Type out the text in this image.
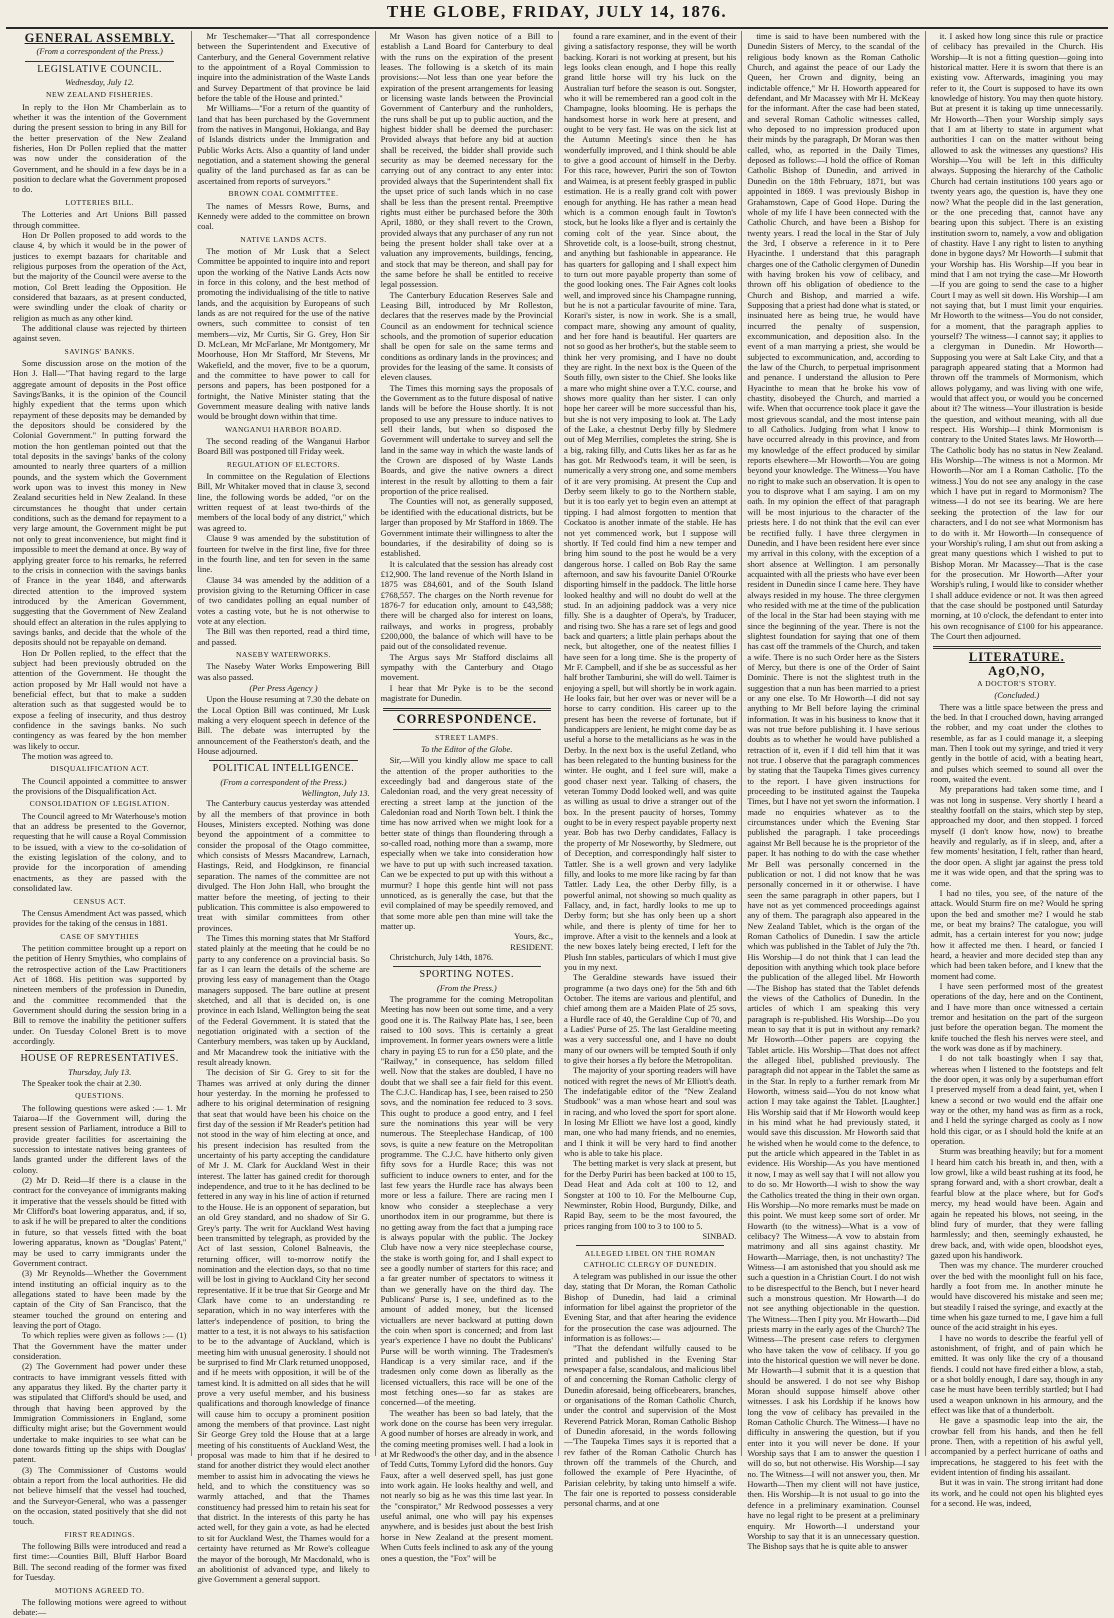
THE GLOBE, FRIDAY, JULY 14, 1876.
GENERAL ASSEMBLY.
(From a correspondent of the Press.)
LEGISLATIVE COUNCIL.
Wednesday, July 12.
NEW ZEALAND FISHERIES.

In reply to the Hon Mr Chamberlain as to whether it was the intention of the Government during the present session to bring in any Bill for the better preservation of the New Zealand fisheries, Hon Dr Pollen replied that the matter was now under the consideration of the Government, and he should in a few days be in a position to declare what the Government proposed to do.

LOTTERIES BILL.

The Lotteries and Art Unions Bill passed through committee.

Hon Dr Pollen proposed to add words to the clause 4, by which it would be in the power of justices to exempt bazaars for charitable and religious purposes from the operation of the Act, but the majority of the Council were averse to the motion, Col Brett leading the Opposition. He considered that bazaars, as at present conducted, were swindling under the cloak of charity or religion as much as any other kind.

The additional clause was rejected by thirteen against seven.

SAVINGS' BANKS.

Some discussion arose on the motion of the Hon J. Hall—"That having regard to the large aggregate amount of deposits in the Post office Savings'Banks, it is the opinion of the Council highly expedient that the terms upon which repayment of these deposits may be demanded by the depositors should be considered by the Colonial Government." In putting forward the motion the hon gentleman pointed out that the total deposits in the savings' banks of the colony amounted to nearly three quarters of a million pounds, and the system which the Government work upon was to invest this money in New Zealand securities held in New Zealand. In these circumstances he thought that under certain conditions, such as the demand for repayment to a very large amount, the Government might be put not only to great inconvenience, but might find it impossible to meet the demand at once. By way of applying greater force to his remarks, he referred to the crisis in connection with the savings banks of France in the year 1848, and afterwards directed attention to the improved system introduced by the American Government, suggesting that the Government of New Zealand should effect an alteration in the rules applying to savings banks, and decide that the whole of the deposits should not be repayable on demand.

Hon Dr Pollen replied, to the effect that the subject had been previously obtruded on the attention of the Government. He thought the action proposed by Mr Hall would not have a beneficial effect, but that to make a sudden alteration such as that suggested would be to expose a feeling of insecurity, and thus destroy confidence in the savings banks. No such contingency as was feared by the hon member was likely to occur.

The motion was agreed to.

DISQUALIFICATION ACT.

The Council appointed a committee to answer the provisions of the Disqualification Act.

CONSOLIDATION OF LEGISLATION.

The Council agreed to Mr Waterhouse's motion that an address be presented to the Governor, requesting that he will cause a Royal Commission to be issued, with a view to the co-solidation of the existing legislation of the colony, and to provide for the incorporation of amending enactments, as they are passed with the consolidated law.

CENSUS ACT.

The Census Amendment Act was passed, which provides for the taking of the census in 1881.

CASE OF SMYTHIES

The petition committee brought up a report on the petition of Henry Smythies, who complains of the retrospective action of the Law Practitioners Act of 1868. His petition was supported by nineteen members of the profession in Dunedin, and the committee recommended that the Government should during the session bring in a Bill to remove the inability the petitioner suffers under. On Tuesday Colonel Brett is to move accordingly.

HOUSE OF REPRESENTATIVES.
Thursday, July 13.

The Speaker took the chair at 2.30.

QUESTIONS.

The following questions were asked :— 1. Mr Taiaroa—If the Government will, during the present session of Parliament, introduce a Bill to provide greater facilities for ascertaining the succession to intestate natives being grantees of lands granted under the different laws of the colony.

(2) Mr D. Reid—If there is a clause in the contract for the conveyance of immigrants making it imperative that the vessels should be fitted with Mr Clifford's boat lowering apparatus, and, if so, to ask if he will be prepared to alter the conditions in future, so that vessels fitted with the boat lowering apparatus, known as "Douglas' Patent," may be used to carry immigrants under the Government contract.

(3) Mr Reynolds—Whether the Government intend instituting an official inquiry as to the allegations stated to have been made by the captain of the City of San Francisco, that the steamer touched the ground on entering and leaving the port of Otago.

To which replies were given as follows :— (1) That the Government have the matter under consideration.

(2) The Government had power under these contracts to have immigrant vessels fitted with any apparatus they liked. By the charter party it was stipulated that Clifford's should be used, and through that having been approved by the Immigration Commissioners in England, some difficulty might arise; but the Government would undertake to make inquiries to see what can be done towards fitting up the ships with Douglas' patent.

(3) The Commissioner of Customs would obtain a report from the local authorities. He did not believe himself that the vessel had touched, and the Surveyor-General, who was a passenger on the occasion, stated positively that she did not touch.

FIRST READINGS.

The following Bills were introduced and read a first time:—Counties Bill, Bluff Harbor Board Bill. The second reading of the former was fixed for Tuesday.

MOTIONS AGREED TO.

The following motions were agreed to without debate:—

Mr Teschemaker—"That all correspondence between the Superintendent and Executive of Canterbury, and the General Government relative to the appointment of a Royal Commission to inquire into the administration of the Waste Lands and Survey Department of that province be laid before the table of the House and printed."

Mr Williams—"For a return of the quantity of land that has been purchased by the Government from the natives in Mangonui, Hokianga, and Bay of Islands districts under the Immigration and Public Works Acts. Also a quantity of land under negotiation, and a statement showing the general quality of the land purchased as far as can be ascertained from reports of surveyors."

BROWN COAL COMMITTEE.

The names of Messrs Rowe, Burns, and Kennedy were added to the committee on brown coal.

NATIVE LANDS ACTS.

The motion of Mr Lusk that a Select Committee be appointed to inquire into and report upon the working of the Native Lands Acts now in force in this colony, and the best method of promoting the individualising of the title to native lands, and the acquisition by Europeans of such lands as are not required for the use of the native owners, such committee to consist of ten members—viz, Mr Curtis, Sir G. Grey, Hon Sir D. McLean, Mr McFarlane, Mr Montgomery, Mr Moorhouse, Hon Mr Stafford, Mr Stevens, Mr Wakefield, and the mover, five to be a quorum, and the committee to have power to call for persons and papers, has been postponed for a fortnight, the Native Minister stating that the Government measure dealing with native lands would be brought down within that time.

WANGANUI HARBOR BOARD.

The second reading of the Wanganui Harbor Board Bill was postponed till Friday week.

REGULATION OF ELECTORS.

In committee on the Regulation of Elections Bill, Mr Whitaker moved that in clause 3, second line, the following words be added, "or on the written request of at least two-thirds of the members of the local body of any district," which was agreed to.

Clause 9 was amended by the substitution of fourteen for twelve in the first line, five for three in the fourth line, and ten for seven in the same line.

Clause 34 was amended by the addition of a provision giving to the Returning Officer in case of two candidates polling an equal number of votes a casting vote, but he is not otherwise to vote at any election.

The Bill was then reported, read a third time, and passed.

NASEBY WATERWORKS.

The Naseby Water Works Empowering Bill was also passed.

(Per Press Agency )

Upon the House resuming at 7.30 the debate on the Local Option Bill was continued, Mr Lusk making a very eloquent speech in defence of the Bill. The debate was interrupted by the announcement of the Featherston's death, and the House adjourned.

POLITICAL INTELLIGENCE.
(From a correspondent of the Press.)
Wellington, July 13.

The Canterbury caucus yesterday was attended by all the members of that province in both Houses, Ministers excepted. Nothing was done beyond the appointment of a committee to consider the proposal of the Otago committee, which consists of Messrs Macandrew, Larnach, Hastings, Reid, and Hodgkinson, re financial separation. The names of the committee are not divulged. The Hon John Hall, who brought the matter before the meeting, of jecting to their publication. This committee is also empowered to treat with similar committees from other provinces.

The Times this morning states that Mr Stafford stated plainly at the meeting that he could be no party to any conference on a provincial basis. So far as I can learn the details of the scheme are proving less easy of management than the Otago managers supposed. The bare outline at present sketched, and all that is decided on, is one province in each Island, Wellington being the seat of the Federal Government. It is stated that the negotiation originated with a section of the Canterbury members, was taken up by Auckland, and Mr Macandrew took the initiative with the result already known.

The decision of Sir G. Grey to sit for the Thames was arrived at only during the dinner hour yesterday. In the morning he professed to adhere to his original determination of resigning that seat that would have been his choice on the first day of the session if Mr Reader's petition had not stood in the way of him electing at once, and his present indecision has resulted from the uncertainty of his party accepting the candidature of Mr J. M. Clark for Auckland West in their interest. The latter has gained credit for thorough independence, and true to it he has declined to be fettered in any way in his line of action if returned to the House. He is an opponent of separation, but an old Grey standard, and no shadow of Sir G. Grey's party. The writ for Auckland West having been transmitted by telegraph, as provided by the Act of last session, Colonel Balneavis, the returning officer, will to-morrow notify the nomination and the election days, so that no time will be lost in giving to Auckland City her second representative. If it be true that Sir George and Mr Clark have come to an understanding re separation, which in no way interferes with the latter's independence of position, to bring the matter to a test, it is not always to his satisfaction to be to the advantage of Auckland, which is meeting him with unusual generosity. I should not be surprised to find Mr Clark returned unopposed, and if he meets with opposition, it will be of the tamest kind. It is admitted on all sides that he will prove a very useful member, and his business qualifications and thorough knowledge of finance will cause him to occupy a prominent position among the members of that province. Last night Sir George Grey told the House that at a large meeting of his constituents of Auckland West, the proposal was made to him that if he desired to stand for another district they would elect another member to assist him in advocating the views he held, and to which the constituency was so warmly attached, and that the Thames constituency had pressed him to retain his seat for that district. In the interests of this party he has acted well, for they gain a vote, as had he elected to sit for Auckland West, the Thames would for a certainty have returned as Mr Rowe's colleague the mayor of the borough, Mr Macdonald, who is an abolitionist of advanced type, and likely to give Government a general support.

Mr Wason has given notice of a Bill to establish a Land Board for Canterbury to deal with the runs on the expiration of the present leases. The following is a sketch of its main provisions:—Not less than one year before the expiration of the present arrangements for leasing or licensing waste lands between the Provincial Government of Canterbury and the runholders, the runs shall be put up to public auction, and the highest bidder shall be deemed the purchaser: Provided always that before any bid at auction shall be received, the bidder shall provide such security as may be deemed necessary for the carrying out of any contract to any enter into: provided always that the Superintendent shall fix the upset price of such lands which in no case shall be less than the present rental. Preemptive rights must either be purchased before the 30th April, 1880, or they shall revert to the Crown, provided always that any purchaser of any run not being the present holder shall take over at a valuation any improvements, buildings, fencing, and stock that may be thereon, and shall pay for the same before he shall be entitled to receive legal possession.

The Canterbury Education Reserves Sale and Leasing Bill, introduced by Mr Rolleston, declares that the reserves made by the Provincial Council as an endowment for technical science schools, and the promotion of superior education shall be open for sale on the same terms and conditions as ordinary lands in the provinces; and provides for the leasing of the same. It consists of eleven clauses.

The Times this morning says the proposals of the Government as to the future disposal of native lands will be before the House shortly. It is not proposed to use any pressure to induce natives to sell their lands, but when so disposed the Government will undertake to survey and sell the land in the same way in which the waste lands of the Crown are disposed of by Waste Lands Boards, and give the native owners a direct interest in the result by allotting to them a fair proportion of the price realised.

The Counties will not, as generally supposed, be identified with the educational districts, but be larger than proposed by Mr Stafford in 1869. The Government intimate their willingness to alter the boundaries, if the desirability of doing so is established.

It is calculated that the session has already cost £12,900. The land revenue of the North Island in 1875 was £84,601, and of the South Island £768,557. The charges on the North revenue for 1876-7 for education only, amount to £43,588; there will be charged also for interest on loans, railways, and works in progress, probably £200,000, the balance of which will have to be paid out of the consolidated revenue.

The Argus says Mr Stafford disclaims all sympathy with the Canterbury and Otago movement.

I hear that Mr Pyke is to be the second magistrate for Dunedin.

CORRESPONDENCE.
STREET LAMPS.
To the Editor of the Globe.

Sir,—Will you kindly allow me space to call the attention of the proper authorities to the exceedingly bad and dangerous state of the Caledonian road, and the very great necessity of erecting a street lamp at the junction of the Caledonian road and North Town belt. I think the time has now arrived when we might look for a better state of things than floundering through a so-called road, nothing more than a swamp, more especially when we take into consideration how we have to put up with such increased taxation. Can we be expected to put up with this without a murmur? I hope this gentle hint will not pass unnoticed, as is generally the case, but that the evil complained of may be speedily removed, and that some more able pen than mine will take the matter up.

Yours, &c.,
RESIDENT.

Christchurch, July 14th, 1876.

SPORTING NOTES.
(From the Press.)

The programme for the coming Metropolitan Meeting has now been out some time, and a very good one it is. The Railway Plate has, I see, been raised to 100 sovs. This is certainly a great improvement. In former years owners were a little chary in paying £5 to run for a £50 plate, and the "Railway," in consequence, has seldom filled well. Now that the stakes are doubled, I have no doubt that we shall see a fair field for this event. The C.J.C. Handicap has, I see, been raised to 250 sovs, and the nomination fee reduced to 3 sovs. This ought to produce a good entry, and I feel sure the nominations this year will be very numerous. The Steeplechase Handicap, of 100 sovs, is quite a new feature on the Metropolitan programme. The C.J.C. have hitherto only given fifty sovs for a Hurdle Race; this was not sufficient to induce owners to enter, and for the last few years the Hurdle race has always been more or less a failure. There are racing men I know who consider a steeplechase a very unorthodox item in our programme, but there is no getting away from the fact that a jumping race is always popular with the public. The Jockey Club have now a very nice steeplechase course, the stake is worth going for, and I shall expect to see a goodly number of starters for this race; and a far greater number of spectators to witness it than we generally have on the third day. The Publicans' Purse is, I see, undefined as to the amount of added money, but the licensed victuallers are never backward at putting down the coin when sport is concerned; and from last year's experience I have no doubt the Publicans' Purse will be worth winning. The Tradesmen's Handicap is a very similar race, and if the tradesmen only come down as liberally as the licensed victuallers, this race will be one of the most fetching ones—so far as stakes are concerned—of the meeting.

The weather has been so bad lately, that the work done on the course has been very irregular. A good number of horses are already in work, and the coming meeting promises well. I had a look in at Mr Redwood's the other day, and in the absence of Tedd Cutts, Tommy Lyford did the honors. Guy Faux, after a well deserved spell, has just gone into work again. He looks healthy and well, and not nearly so big as he was this time last year. In the "conspirator," Mr Redwood possesses a very useful animal, one who will pay his expenses anywhere, and is besides just about the best Irish horse in New Zealand at the present moment. When Cutts feels inclined to ask any of the young ones a question, the "Fox" will be

found a rare examiner, and in the event of their giving a satisfactory response, they will be worth backing. Korari is not working at present, but his legs looks clean enough, and I hope this really grand little horse will try his luck on the Australian turf before the season is out. Songster, who it will be remembered ran a good colt in the Champagne, looks blooming. He is perhaps the handsomest horse in work here at present, and ought to be very fast. He was on the sick list at the Autumn Meeting's since then he has wonderfully improved, and I think should be able to give a good account of himself in the Derby. For this race, however, Puriri the son of Towton and Waimea, is at present feebly grasped in public estimation. He is a really grand colt with power enough for anything. He has rather a mean head which is a common enough fault in Towton's stock, but he looks like a flyer and is certainly the coming colt of the year. Since about, the Shrovetide colt, is a loose-built, strong chestnut, and anything but fashionable in appearance. He has quarters for galloping and I shall expect him to turn out more payable property than some of the good looking ones. The Fair Agnes colt looks well, and improved since his Champagne running, but he is not a particular favourite of mine. Tara, Korari's sister, is now in work. She is a small, compact mare, showing any amount of quality, and her fore hand is beautiful. Her quarters are not so good as her brother's, but the stable seem to think her very promising, and I have no doubt they are right. In the next box is the Queen of the South filly, own sister to the Chief. She looks like a mare who might shine over a T.Y.C. course, and shows more quality than her sister. I can only hope her career will be more successful than his, but she is not very imposing to look at. The Lady of the Lake, a chestnut Derby filly by Sledmere out of Meg Merrilies, completes the string. She is a big, raking filly, and Cutts likes her as far as he has got. Mr Redwood's team, it will be seen, is numerically a very strong one, and some members of it are very promising. At present the Cup and Derby seem likely to go to the Northern stable, but it is too early yet to begin even an attempt at tipping. I had almost forgotten to mention that Cockatoo is another inmate of the stable. He has not yet commenced work, but I suppose will shortly. If Ted could find him a new temper and bring him sound to the post he would be a very dangerous horse. I called on Bob Ray the same afternoon, and saw his favourite Daniel O'Rourke disporting himself in the paddock. The little horse looked healthy and will no doubt do well at the stud. In an adjoining paddock was a very nice filly. She is a daughter of Opera's, by Traducer, and rising two. She has a rare set of legs and good back and quarters; a little plain perhaps about the neck, but altogether, one of the neatest fillies I have seen for a long time. She is the property of Mr F. Campbell, and if she be as successful as her half brother Tamburini, she will do well. Taimer is enjoying a spell, but will shortly be in work again. He looks fair, but her over was or never will be a horse to carry condition. His career up to the present has been the reverse of fortunate, but if handicappers are lenient, he might come day be as useful a horse to the metallicians as he was in the Derby. In the next box is the useful Zetland, who has been relegated to the hunting business for the winter. He ought, and I feel sure will, make a good chaser next year. Talking of chasers, the veteran Tommy Dodd looked well, and was quite as willing as usual to drive a stranger out of the box. In the present paucity of horses, Tommy ought to be in every respect payable property next year. Bob has two Derby candidates, Fallacy is the property of Mr Noseworthy, by Sledmere, out of Deception, and correspondingly half sister to Tattler. She is a well grown and very ladylike filly, and looks to me more like racing by far than Tattler. Lady Lea, the other Derby filly, is a powerful animal, not showing so much quality as Fallacy, and, in fact, hardly looks to me up to Derby form; but she has only been up a short while, and there is plenty of time for her to improve. After a visit to the kennels and a look at the new boxes lately being erected, I left for the Plush Inn stables, particulars of which I must give you in my next.

The Geraldine stewards have issued their programme (a two days one) for the 5th and 6th October. The items are various and plentiful, and chief among them are a Maiden Plate of 25 sovs, a Hurdle race of 40, the Geraldine Cup of 70, and a Ladies' Purse of 25. The last Geraldine meeting was a very successful one, and I have no doubt many of our owners will be tempted South if only to give their horses a fly before the Metropolitan.

The majority of your sporting readers will have noticed with regret the news of Mr Elliott's death. The indefatigable editor of the "New Zealand Studbook" was a man whose heart and soul was in racing, and who loved the sport for sport alone. In losing Mr Elliott we have lost a good, kindly man, one who had many friends, and no enemies, and I think it will be very hard to find another who is able to take his place.

The betting market is very slack at present, but for the Derby Puriri has been backed at 100 to 15, Dead Heat and Ada colt at 100 to 12, and Songster at 100 to 10. For the Melbourne Cup, Newminster, Robin Hood, Burgundy, Dilke, and Rapid Bay, seem to be the most favoured, the prices ranging from 100 to 3 to 100 to 5.

SINBAD.
ALLEGED LIBEL ON THE ROMAN CATHOLIC CLERGY OF DUNEDIN.

A telegram was published in our issue the other day, stating that Dr Moran, the Roman Catholic Bishop of Dunedin, had laid a criminal information for libel against the proprietor of the Evening Star, and that after hearing the evidence for the prosecution the case was adjourned. The information is as follows:—

"That the defendant wilfully caused to be printed and published in the Evening Star newspaper a false, scandalous, and malicious libel of and concerning the Roman Catholic clergy of Dunedin aforesaid, being officebearers, branches, or organisations of the Roman Catholic Church, under the control and supervision of the Most Reverend Patrick Moran, Roman Catholic Bishop of Dunedin aforesaid, in the words following—'The Taupeka Times says it is reported that a rev father of the Roman Catholic Church has thrown off the trammels of the Church, and followed the example of Pere Hyacinthe, of Parisian celebrity, by taking unto himself a wife. The fair one is reported to possess considerable personal charms, and at one

time is said to have been numbered with the Dunedin Sisters of Mercy, to the scandal of the religious body known as the Roman Catholic Church, and against the peace of our Lady the Queen, her Crown and dignity, being an indictable offence," Mr H. Howorth appeared for defendant, and Mr Macassey with Mr H. McKeay for the informant. After the case had been stated, and several Roman Catholic witnesses called, who deposed to no impression produced upon their minds by the paragraph, Dr Moran was then called, who, as reported in the Daily Times, deposed as follows:—I hold the office of Roman Catholic Bishop of Dunedin, and arrived in Dunedin on the 18th February, 1871, but was appointed in 1869. I was previously Bishop in Grahamstown, Cape of Good Hope. During the whole of my life I have been connected with the Catholic Church, and have been a Bishop for twenty years. I read the local in the Star of July the 3rd, I observe a reference in it to Pere Hyacinthe. I understand that this paragraph charges one of the Catholic clergymen of Dunedin with having broken his vow of celibacy, and thrown off his obligation of obedience to the Church and Bishop, and married a wife. Supposing that a priest had done what is stated, or insinuated here as being true, he would have incurred the penalty of suspension, excommunication, and deposition also. In the event of a man marrying a priest, she would be subjected to excommunication, and, according to the law of the Church, to perpetual imprisonment and penance. I understand the allusion to Pere Hyacinthe to mean that he broke his vow of chastity, disobeyed the Church, and married a wife. When that occurrence took place it gave the most grievous scandal, and the most intense pain to all Catholics. Judging from what I know to have occurred already in this province, and from my knowledge of the effect produced by similar reports elsewhere—Mr Howorth—You are going beyond your knowledge. The Witness—You have no right to make such an observation. It is open to you to disprove what I am saying. I am on my oath. In my opinion the effect of that paragraph will be most injurious to the character of the priests here. I do not think that the evil can ever be rectified fully. I have three clergymen in Dunedin, and I have been resident here ever since my arrival in this colony, with the exception of a short absence at Wellington. I am personally acquainted with all the priests who have ever been resident in Dunedin since I came here. They have always resided in my house. The three clergymen who resided with me at the time of the publication of the local in the Star had been staying with me since the beginning of the year. There is not the slightest foundation for saying that one of them has cast off the trammels of the Church, and taken a wife. There is no such Order here as the Sisters of Mercy, but there is one of the Order of Saint Dominic. There is not the slightest truth in the suggestion that a nun has been married to a priest or any one else. To Mr Howorth—I did not say anything to Mr Bell before laying the criminal information. It was in his business to know that it was not true before publishing it. I have serious doubts as to whether he would have published a retraction of it, even if I did tell him that it was not true. I observe that the paragraph commences by stating that the Taupeka Times gives currency to the report. I have given instructions for proceeding to be instituted against the Taupeka Times, but I have not yet sworn the information. I made no enquiries whatever as to the circumstances under which the Evening Star published the paragraph. I take proceedings against Mr Bell because he is the proprietor of the paper. It has nothing to do with the case whether Mr Bell was personally concerned in the publication or not. I did not know that he was personally concerned in it or otherwise. I have seen the same paragraph in other papers, but I have not as yet commenced proceedings against any of them. The paragraph also appeared in the New Zealand Tablet, which is the organ of the Roman Catholics of Dunedin. I saw the article which was published in the Tablet of July the 7th. His Worship—I do not think that I can lead the deposition with anything which took place before the publication of the alleged libel. Mr Howorth—The Bishop has stated that the Tablet defends the views of the Catholics of Dunedin. In the articles of which I am speaking this very paragraph is re-published. His Worship—Do you mean to say that it is put in without any remark? Mr Howorth—Other papers are copying the Tablet article. His Worship—That does not affect the alleged libel, published previously. The paragraph did not appear in the Tablet the same as in the Star. In reply to a further remark from Mr Howorth, witness said—You do not know what action I may take against the Tablet. [Laughter.] His Worship said that if Mr Howorth would keep in his mind what he had previously stated, it would save this discussion. Mr Howorth said that he wished when he would come to the defence, to put the article which appeared in the Tablet in as evidence. His Worship—As you have mentioned it now, I may as well say that I will not allow you to do so. Mr Howorth—I wish to show the way the Catholics treated the thing in their own organ. His Worship—No more remarks must be made on this point. We must keep some sort of order. Mr Howarth (to the witness)—What is a vow of celibacy? The Witness—A vow to abstain from matrimony and all sins against chastity. Mr Howarth—Marriage, then, is not unchastity? The Witness—I am astonished that you should ask me such a question in a Christian Court. I do not wish to be disrespectful to the Bench, but I never heard such a monstrous question. Mr Howarth—I do not see anything objectionable in the question. The Witness—Then I pity you. Mr Howarth—Did priests marry in the early ages of the Church? The Witness—The present case refers to clergymen who have taken the vow of celibacy. If you go into the historical question we will never be done. Mr Howarth—I submit that it is a question that should be answered. I do not see why Bishop Moran should suppose himself above other witnesses. I ask his Lordship if he knows how long the vow of celibacy has prevailed in the Roman Catholic Church. The Witness—I have no difficulty in answering the question, but if you enter into it you will never be done. If your Worship says that I am to answer the question I will do so, but not otherwise. His Worship—I say no. The Witness—I will not answer you, then. Mr Howarth—Then my client will not have justice, then. His Worship—It is not usual to go into the defence in a preliminary examination. Counsel have no legal right to be present at a preliminary enquiry. Mr Howorth—I understand your Worship to say that it is an unnecessary question. The Bishop says that he is quite able to answer

it. I asked how long since this rule or practice of celibacy has prevailed in the Church. His Worship—It is not a fitting question—going into historical matter. Here it is sworn that there is an existing vow. Afterwards, imagining you may refer to it, the Court is supposed to have its own knowledge of history. You may then quote history. But at present it is taking up time unnecessarily. Mr Howorth—Then your Worship simply says that I am at liberty to state in argument what authorities I can on the matter without being allowed to ask the witnesses any questions? His Worship—You will be left in this difficulty always. Supposing the hierarchy of the Catholic Church had certain institutions 100 years ago or twenty years ago, the question is, have they one now? What the people did in the last generation, or the one preceding that, cannot have any bearing upon this subject. There is an existing institution sworn to, namely, a vow and obligation of chastity. Have I any right to listen to anything done in bygone days? Mr Howorth—I submit that your Worship has. His Worship—If you bear in mind that I am not trying the case—Mr Howorth—If you are going to send the case to a higher Court I may as well sit down. His Worship—I am not saying that, but I must limit your enquiries. Mr Howorth to the witness—You do not consider, for a moment, that the paragraph applies to yourself? The witness—I cannot say; it applies to a clergyman in Dunedin. Mr Howorth—Supposing you were at Salt Lake City, and that a paragraph appeared stating that a Mormon had thrown off the trammels of Mormonism, which allows polygamy, and was living with one wife, would that affect you, or would you be concerned about it? The witness—Your illustration is beside the question, and without meaning, with all due respect. His Worship—I think Mormonism is contrary to the United States laws. Mr Howorth—The Catholic body has no status in New Zealand. His Worship—The witness is not a Mormon. Mr Howorth—Nor am I a Roman Catholic. [To the witness.] You do not see any analogy in the case which I have put in regard to Mormonism? The witness—I do not see its bearing. We are here seeking the protection of the law for our characters, and I do not see what Mormonism has to do with it. Mr Howorth—In consequence of your Worship's ruling, I am shut out from asking a great many questions which I wished to put to Bishop Moran. Mr Macassey—That is the case for the prosecution. Mr Howorth—After your Worship's ruling, I would like to consider whether I shall adduce evidence or not. It was then agreed that the case should be postponed until Saturday morning, at 10 o'clock, the defendant to enter into his own recognisance of £100 for his appearance. The Court then adjourned.

LITERATURE.
AgO,NO,
A DOCTOR'S STORY.
(Concluded.)

There was a little space between the press and the bed. In that I crouched down, having arranged the robber, and my coat under the clothes to resemble, as far as I could manage it, a sleeping man. Then I took out my syringe, and tried it very gently in the bottle of acid, with a beating heart, and pulses which seemed to sound all over the room, waited the event.

My preparations had taken some time, and I was not long in suspense. Very shortly I heard a stealthy footfall on the stairs, which step by step, approached my door, and then stopped. I forced myself (I don't know how, now) to breathe heavily and regularly, as if in sleep, and, after a few moments' hesitation, I felt, rather than heard, the door open. A slight jar against the press told me it was wide open, and that the spring was to come.

I had no tiles, you see, of the nature of the attack. Would Sturm fire on me? Would he spring upon the bed and smother me? I would he stab me, or beat my brains? The catalogue, you will admit, has a certain interest for you now; judge how it affected me then. I heard, or fancied I heard, a heavier and more decided step than any which had been taken before, and I knew that the moment had come.

I have seen performed most of the greatest operations of the day, here and on the Continent, and I have more than once witnessed a certain tremor and hesitation on the part of the surgeon just before the operation began. The moment the knife touched the flesh his nerves were steel, and the work was done as if by machinery.

I do not talk boastingly when I say that, whereas when I listened to the footsteps and felt the door open, it was only by a superhuman effort I preserved myself from a dead faint, yet, when I knew a second or two would end the affair one way or the other, my hand was as firm as a rock, and I held the syringe charged as cooly as I now hold this cigar, or as I should hold the knife at an operation.

Sturm was breathing heavily; but for a moment I heard him catch his breath in, and then, with a low growl, like a wild beast rushing at its food, he sprang forward and, with a short crowbar, dealt a fearful blow at the place where, but for God's mercy, my head would have been. Again and again he repeated his blows, not seeing, in the blind fury of murder, that they were falling harmlessly; and then, seemingly exhausted, he drew back, and, with wide open, bloodshot eyes, gazed upon his handiwork.

Then was my chance. The murderer crouched over the bed with the moonlight full on his face, hardly a foot from me. In another minute he would have discovered his mistake and seen me; but steadily I raised the syringe, and exactly at the time when his gaze turned to me, I gave him a full ounce of the acid straight in his eyes.

I have no words to describe the fearful yell of astonishment, of fright, and of pain which he emitted. It was only like the cry of a thousand fiends. I could not have fired either a blow, a stab, or a shot boldly enough, I dare say, though in any case he must have been terribly startled; but I had used a weapon unknown in his armoury, and the effect was like that of a thunderbolt.

He gave a spasmodic leap into the air, the crowbar fell from his hands, and then he fell prone. Then, with a repetition of his awful yell, accompanied by a perfect hurricane of oaths and imprecations, he staggered to his feet with the evident intention of finding his assailant.

But it was in vain. The strong irritant had done its work, and he could not open his blighted eyes for a second. He was, indeed,
